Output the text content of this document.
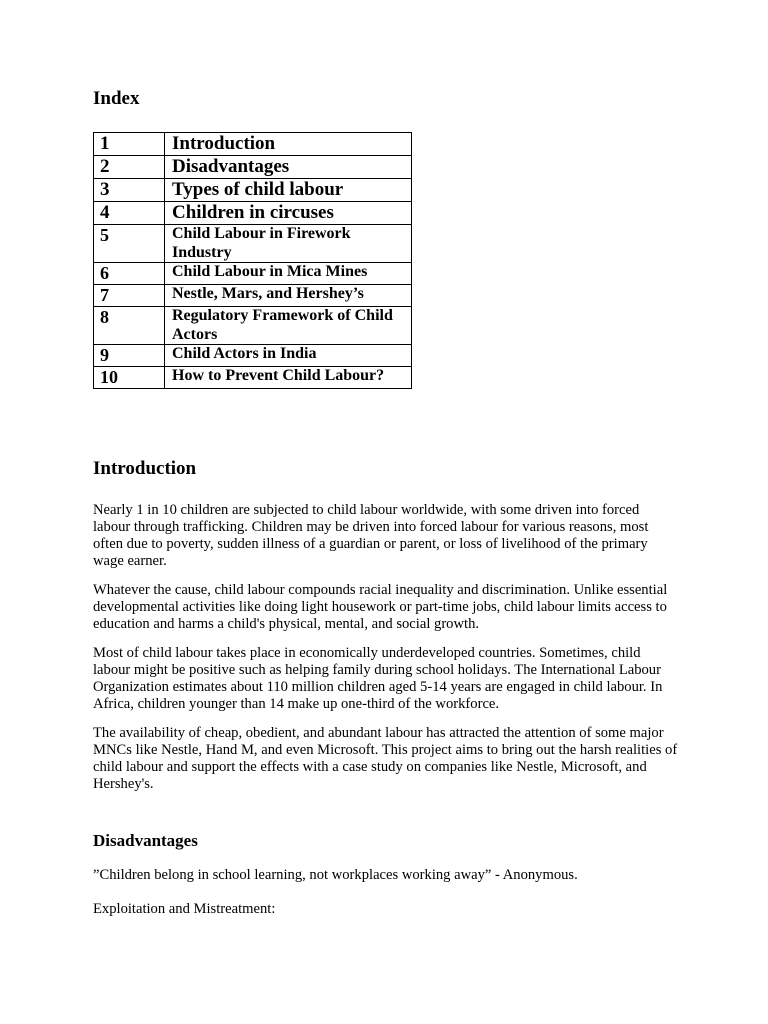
Index
1	Introduction
2	Disadvantages
3	Types of child labour
4	Children in circuses
5	Child Labour in Firework Industry
6	Child Labour in Mica Mines
7	Nestle, Mars, and Hershey’s
8	Regulatory Framework of Child Actors
9	Child Actors in India
10	How to Prevent Child Labour?
Introduction

Nearly 1 in 10 children are subjected to child labour worldwide, with some driven into forced labour through trafficking. Children may be driven into forced labour for various reasons, most often due to poverty, sudden illness of a guardian or parent, or loss of livelihood of the primary wage earner.

Whatever the cause, child labour compounds racial inequality and discrimination. Unlike essential developmental activities like doing light housework or part-time jobs, child labour limits access to education and harms a child's physical, mental, and social growth.

Most of child labour takes place in economically underdeveloped countries. Sometimes, child labour might be positive such as helping family during school holidays. The International Labour Organization estimates about 110 million children aged 5-14 years are engaged in child labour. In Africa, children younger than 14 make up one-third of the workforce.

The availability of cheap, obedient, and abundant labour has attracted the attention of some major MNCs like Nestle, Hand M, and even Microsoft. This project aims to bring out the harsh realities of child labour and support the effects with a case study on companies like Nestle, Microsoft, and Hershey's.

Disadvantages

”Children belong in school learning, not workplaces working away” - Anonymous.

Exploitation and Mistreatment:
